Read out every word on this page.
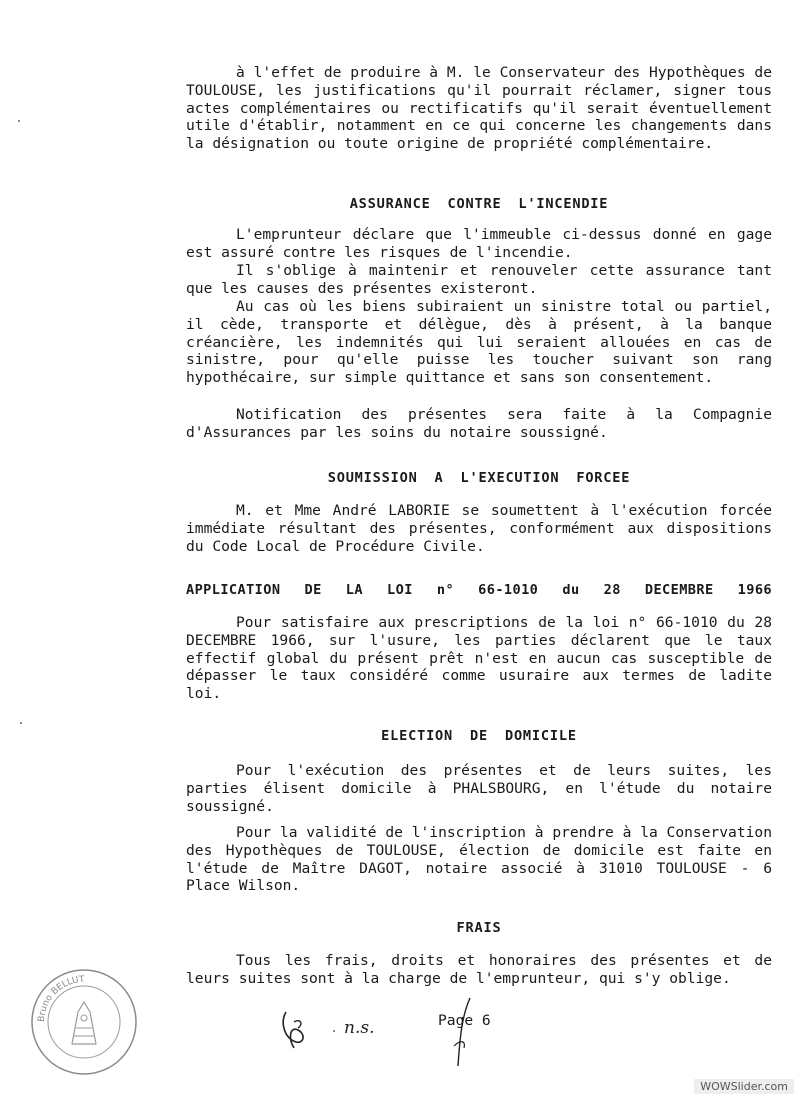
à l'effet de produire à M. le Conservateur des Hypothèques de TOULOUSE, les justifications qu'il pourrait réclamer, signer tous actes complémentaires ou rectificatifs qu'il serait éventuellement utile d'établir, notamment en ce qui concerne les changements dans la désignation ou toute origine de propriété complémentaire.

ASSURANCE CONTRE L'INCENDIE

L'emprunteur déclare que l'immeuble ci-dessus donné en gage est assuré contre les risques de l'incendie.

Il s'oblige à maintenir et renouveler cette assurance tant que les causes des présentes existeront.

Au cas où les biens subiraient un sinistre total ou partiel, il cède, transporte et délègue, dès à présent, à la banque créancière, les indemnités qui lui seraient allouées en cas de sinistre, pour qu'elle puisse les toucher suivant son rang hypothécaire, sur simple quittance et sans son consentement.

Notification des présentes sera faite à la Compagnie d'Assurances par les soins du notaire soussigné.

SOUMISSION A L'EXECUTION FORCEE

M. et Mme André LABORIE se soumettent à l'exécution forcée immédiate résultant des présentes, conformément aux dispositions du Code Local de Procédure Civile.

APPLICATION DE LA LOI n° 66-1010 du 28 DECEMBRE 1966

Pour satisfaire aux prescriptions de la loi n° 66-1010 du 28 DECEMBRE 1966, sur l'usure, les parties déclarent que le taux effectif global du présent prêt n'est en aucun cas susceptible de dépasser le taux considéré comme usuraire aux termes de ladite loi.

ELECTION DE DOMICILE

Pour l'exécution des présentes et de leurs suites, les parties élisent domicile à PHALSBOURG, en l'étude du notaire soussigné.

Pour la validité de l'inscription à prendre à la Conservation des Hypothèques de TOULOUSE, élection de domicile est faite en l'étude de Maître DAGOT, notaire associé à 31010 TOULOUSE - 6 Place Wilson.

FRAIS

Tous les frais, droits et honoraires des présentes et de leurs suites sont à la charge de l'emprunteur, qui s'y oblige.

Bruno BELLUT
n.s.	Page 6
WOWSlider.com
